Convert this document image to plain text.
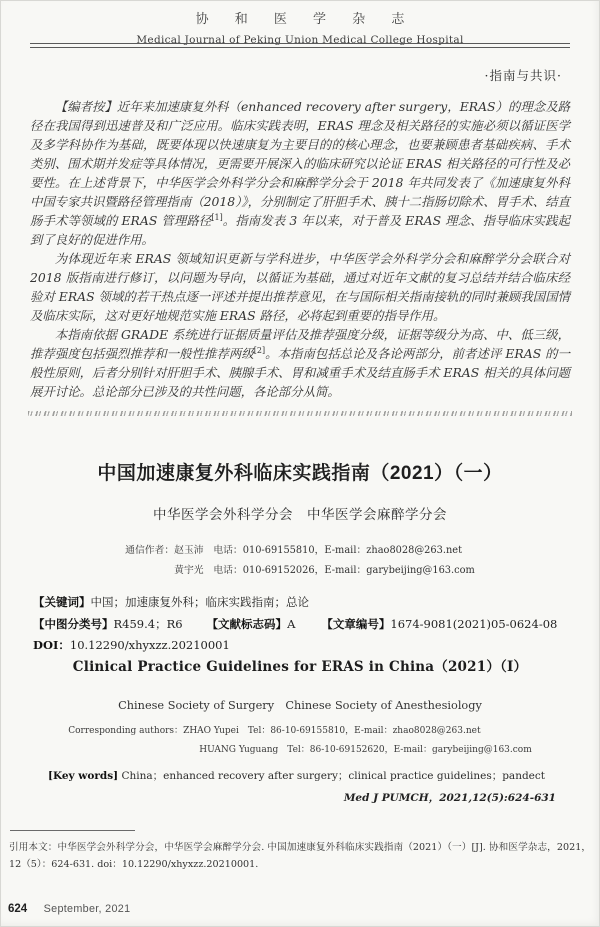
协 和 医 学 杂 志
Medical Journal of Peking Union Medical College Hospital
·指南与共识·

【编者按】近年来加速康复外科（enhanced recovery after surgery，ERAS）的理念及路径在我国得到迅速普及和广泛应用。临床实践表明，ERAS 理念及相关路径的实施必须以循证医学及多学科协作为基础，既要体现以快速康复为主要目的的核心理念，也要兼顾患者基础疾病、手术类别、围术期并发症等具体情况，更需要开展深入的临床研究以论证 ERAS 相关路径的可行性及必要性。在上述背景下，中华医学会外科学分会和麻醉学分会于 2018 年共同发表了《加速康复外科中国专家共识暨路径管理指南（2018）》，分别制定了肝胆手术、胰十二指肠切除术、胃手术、结直肠手术等领域的 ERAS 管理路径[1]。指南发表 3 年以来，对于普及 ERAS 理念、指导临床实践起到了良好的促进作用。

为体现近年来 ERAS 领域知识更新与学科进步，中华医学会外科学分会和麻醉学分会联合对 2018 版指南进行修订，以问题为导向，以循证为基础，通过对近年文献的复习总结并结合临床经验对 ERAS 领域的若干热点逐一评述并提出推荐意见，在与国际相关指南接轨的同时兼顾我国国情及临床实际，这对更好地规范实施 ERAS 路径，必将起到重要的指导作用。

本指南依据 GRADE 系统进行证据质量评估及推荐强度分级，证据等级分为高、中、低三级，推荐强度包括强烈推荐和一般性推荐两级[2]。本指南包括总论及各论两部分，前者述评 ERAS 的一般性原则，后者分别针对肝胆手术、胰腺手术、胃和减重手术及结直肠手术 ERAS 相关的具体问题展开讨论。总论部分已涉及的共性问题，各论部分从简。

中国加速康复外科临床实践指南（2021）（一）
中华医学会外科学分会　中华医学会麻醉学分会
通信作者：赵玉沛　电话：010-69155810，E-mail：zhao8028@263.net
黄宇光　电话：010-69152026，E-mail：garybeijing@163.com
【关键词】中国；加速康复外科；临床实践指南；总论
【中图分类号】R459.4；R6 【文献标志码】A 【文章编号】1674-9081(2021)05-0624-08
DOI：10.12290/xhyxzz.20210001
Clinical Practice Guidelines for ERAS in China（2021）（Ⅰ）
Chinese Society of Surgery　Chinese Society of Anesthesiology
Corresponding authors：ZHAO Yupei　Tel：86-10-69155810，E-mail：zhao8028@263.net
HUANG Yuguang　Tel：86-10-69152620，E-mail：garybeijing@163.com
[Key words] China；enhanced recovery after surgery；clinical practice guidelines；pandect
Med J PUMCH，2021,12(5):624-631
引用本文：中华医学会外科学分会，中华医学会麻醉学分会. 中国加速康复外科临床实践指南（2021）（一）[J]. 协和医学杂志，2021，12（5）：624-631. doi：10.12290/xhyxzz.20210001.
624 September, 2021
